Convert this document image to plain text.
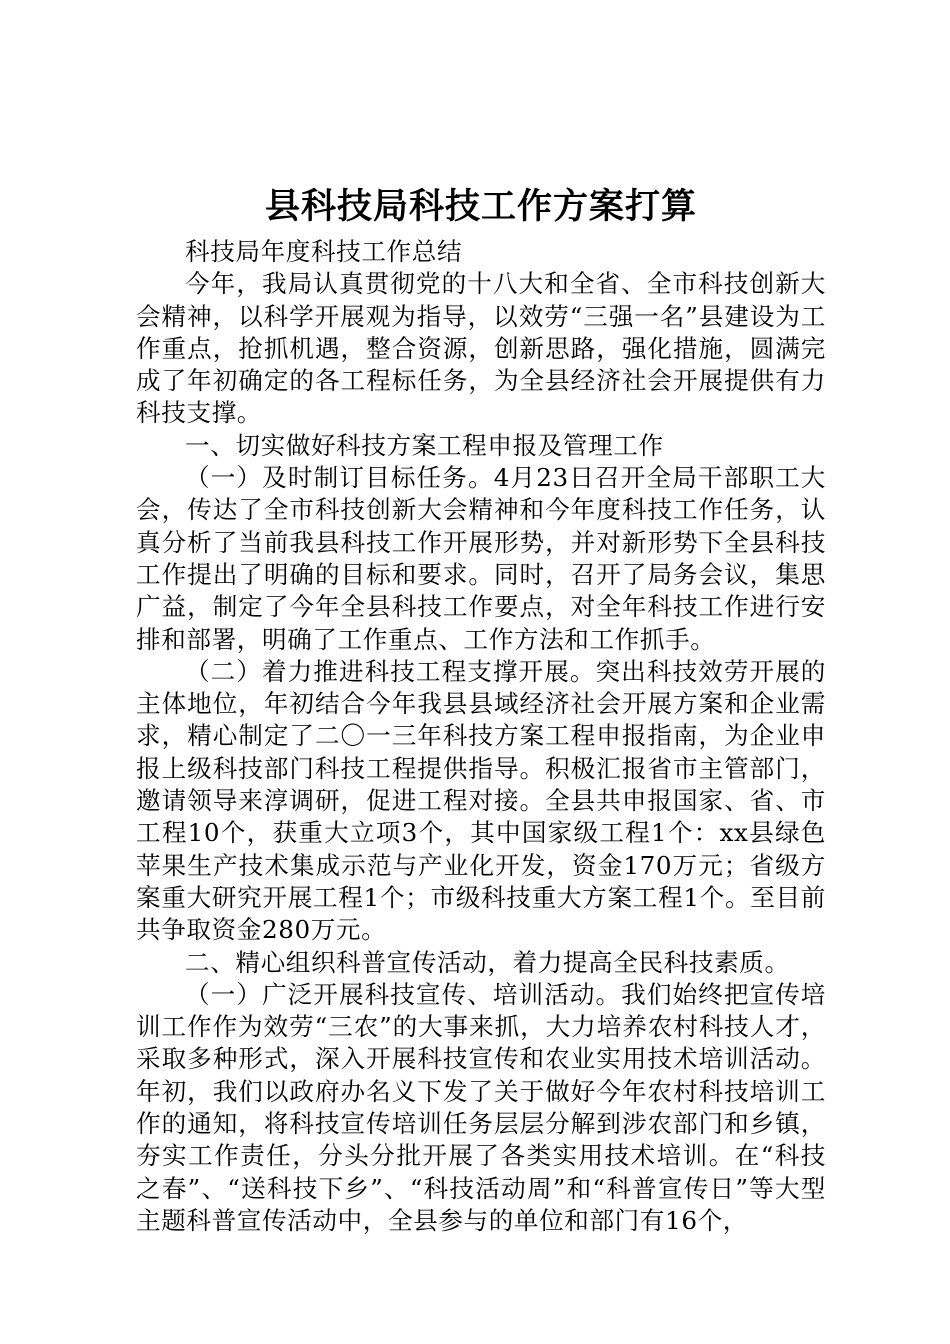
县科技局科技工作方案打算

科技局年度科技工作总结

今年，我局认真贯彻党的十八大和全省、全市科技创新大会精神，以科学开展观为指导，以效劳“三强一名”县建设为工作重点，抢抓机遇，整合资源，创新思路，强化措施，圆满完成了年初确定的各工程标任务，为全县经济社会开展提供有力科技支撑。

一、切实做好科技方案工程申报及管理工作

（一）及时制订目标任务。4月23日召开全局干部职工大会，传达了全市科技创新大会精神和今年度科技工作任务，认真分析了当前我县科技工作开展形势，并对新形势下全县科技工作提出了明确的目标和要求。同时，召开了局务会议，集思广益，制定了今年全县科技工作要点，对全年科技工作进行安排和部署，明确了工作重点、工作方法和工作抓手。

（二）着力推进科技工程支撑开展。突出科技效劳开展的主体地位，年初结合今年我县县域经济社会开展方案和企业需求，精心制定了二〇一三年科技方案工程申报指南，为企业申报上级科技部门科技工程提供指导。积极汇报省市主管部门，邀请领导来淳调研，促进工程对接。全县共申报国家、省、市工程10个，获重大立项3个，其中国家级工程1个：xx县绿色苹果生产技术集成示范与产业化开发，资金170万元；省级方案重大研究开展工程1个；市级科技重大方案工程1个。至目前共争取资金280万元。

二、精心组织科普宣传活动，着力提高全民科技素质。

（一）广泛开展科技宣传、培训活动。我们始终把宣传培训工作作为效劳“三农”的大事来抓，大力培养农村科技人才，采取多种形式，深入开展科技宣传和农业实用技术培训活动。年初，我们以政府办名义下发了关于做好今年农村科技培训工作的通知，将科技宣传培训任务层层分解到涉农部门和乡镇，夯实工作责任，分头分批开展了各类实用技术培训。在“科技之春”、“送科技下乡”、“科技活动周”和“科普宣传日”等大型主题科普宣传活动中，全县参与的单位和部门有16个，
